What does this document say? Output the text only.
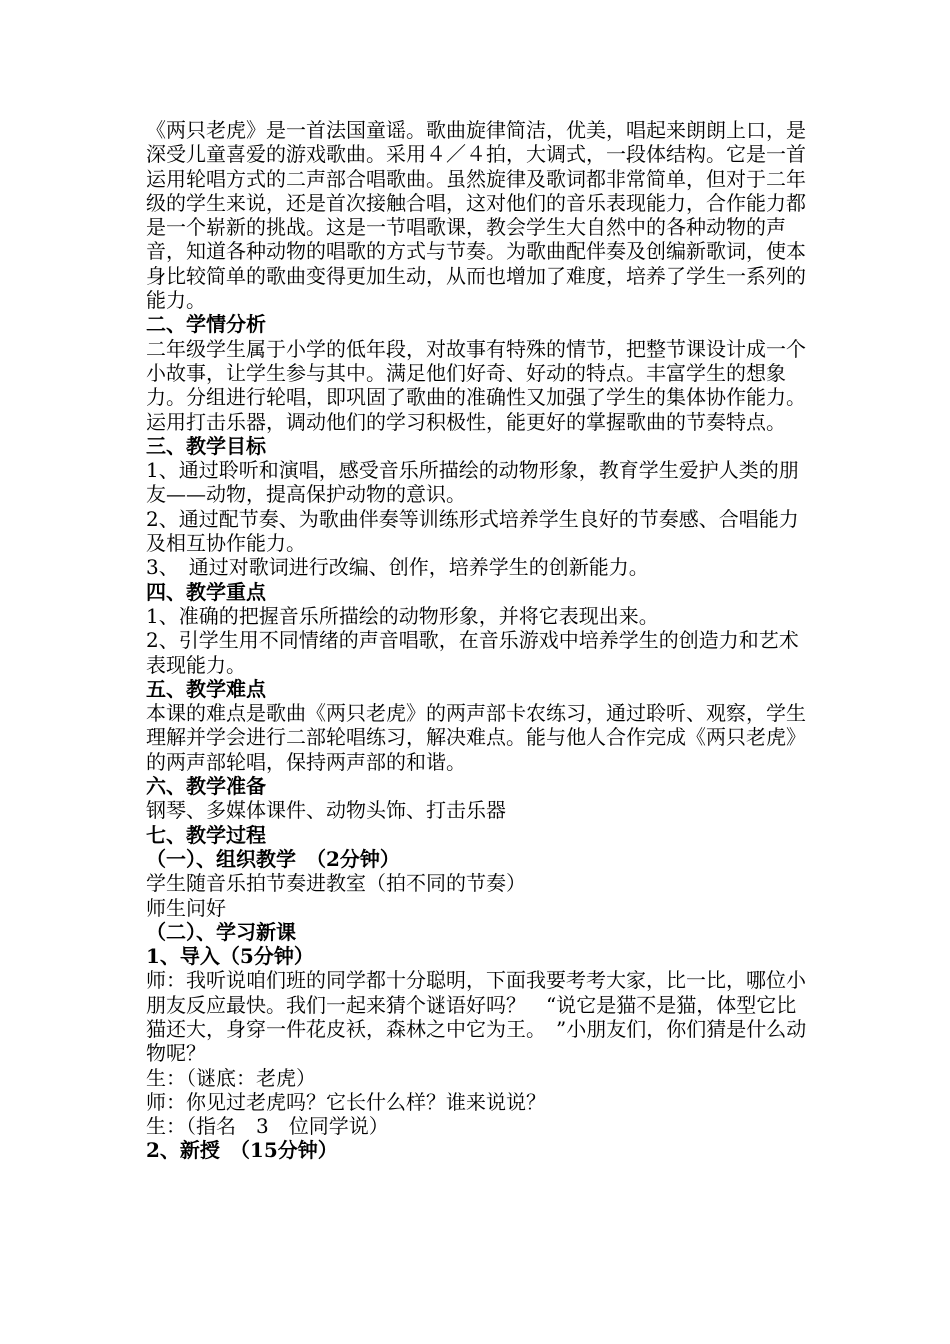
《两只老虎》是一首法国童谣。歌曲旋律简洁，优美，唱起来朗朗上口，是深受儿童喜爱的游戏歌曲。采用４／４拍，大调式，一段体结构。它是一首运用轮唱方式的二声部合唱歌曲。虽然旋律及歌词都非常简单，但对于二年级的学生来说，还是首次接触合唱，这对他们的音乐表现能力，合作能力都是一个崭新的挑战。这是一节唱歌课，教会学生大自然中的各种动物的声音，知道各种动物的唱歌的方式与节奏。为歌曲配伴奏及创编新歌词，使本身比较简单的歌曲变得更加生动，从而也增加了难度，培养了学生一系列的能力。

二、学情分析

二年级学生属于小学的低年段，对故事有特殊的情节，把整节课设计成一个小故事，让学生参与其中。满足他们好奇、好动的特点。丰富学生的想象力。分组进行轮唱，即巩固了歌曲的准确性又加强了学生的集体协作能力。运用打击乐器，调动他们的学习积极性，能更好的掌握歌曲的节奏特点。

三、教学目标

1、通过聆听和演唱，感受音乐所描绘的动物形象，教育学生爱护人类的朋友——动物，提高保护动物的意识。

2、通过配节奏、为歌曲伴奏等训练形式培养学生良好的节奏感、合唱能力及相互协作能力。

3、　通过对歌词进行改编、创作，培养学生的创新能力。

四、教学重点

1、准确的把握音乐所描绘的动物形象，并将它表现出来。

2、引学生用不同情绪的声音唱歌，在音乐游戏中培养学生的创造力和艺术表现能力。

五、教学难点

本课的难点是歌曲《两只老虎》的两声部卡农练习，通过聆听、观察，学生理解并学会进行二部轮唱练习，解决难点。能与他人合作完成《两只老虎》的两声部轮唱，保持两声部的和谐。

六、教学准备

钢琴、多媒体课件、动物头饰、打击乐器

七、教学过程

（一）、组织教学　（2分钟）

学生随音乐拍节奏进教室（拍不同的节奏）

师生问好

（二）、学习新课

1、导入（5分钟）

师：我听说咱们班的同学都十分聪明，下面我要考考大家，比一比，哪位小朋友反应最快。我们一起来猜个谜语好吗？　“说它是猫不是猫，体型它比猫还大，身穿一件花皮袄，森林之中它为王。　”小朋友们，你们猜是什么动物呢？

生：（谜底：老虎）

师：你见过老虎吗？它长什么样？谁来说说？

生：（指名　3　位同学说）

2、新授　（15分钟）
